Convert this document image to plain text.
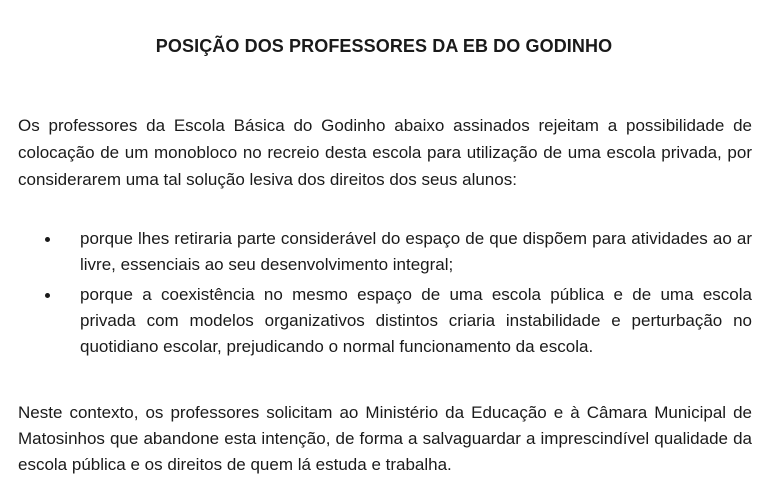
POSIÇÃO DOS PROFESSORES DA EB DO GODINHO

Os professores da Escola Básica do Godinho abaixo assinados rejeitam a possibilidade de colocação de um monobloco no recreio desta escola para utilização de uma escola privada, por considerarem uma tal solução lesiva dos direitos dos seus alunos:

porque lhes retiraria parte considerável do espaço de que dispõem para atividades ao ar livre, essenciais ao seu desenvolvimento integral;
porque a coexistência no mesmo espaço de uma escola pública e de uma escola privada com modelos organizativos distintos criaria instabilidade e perturbação no quotidiano escolar, prejudicando o normal funcionamento da escola.

Neste contexto, os professores solicitam ao Ministério da Educação e à Câmara Municipal de Matosinhos que abandone esta intenção, de forma a salvaguardar a imprescindível qualidade da escola pública e os direitos de quem lá estuda e trabalha.
